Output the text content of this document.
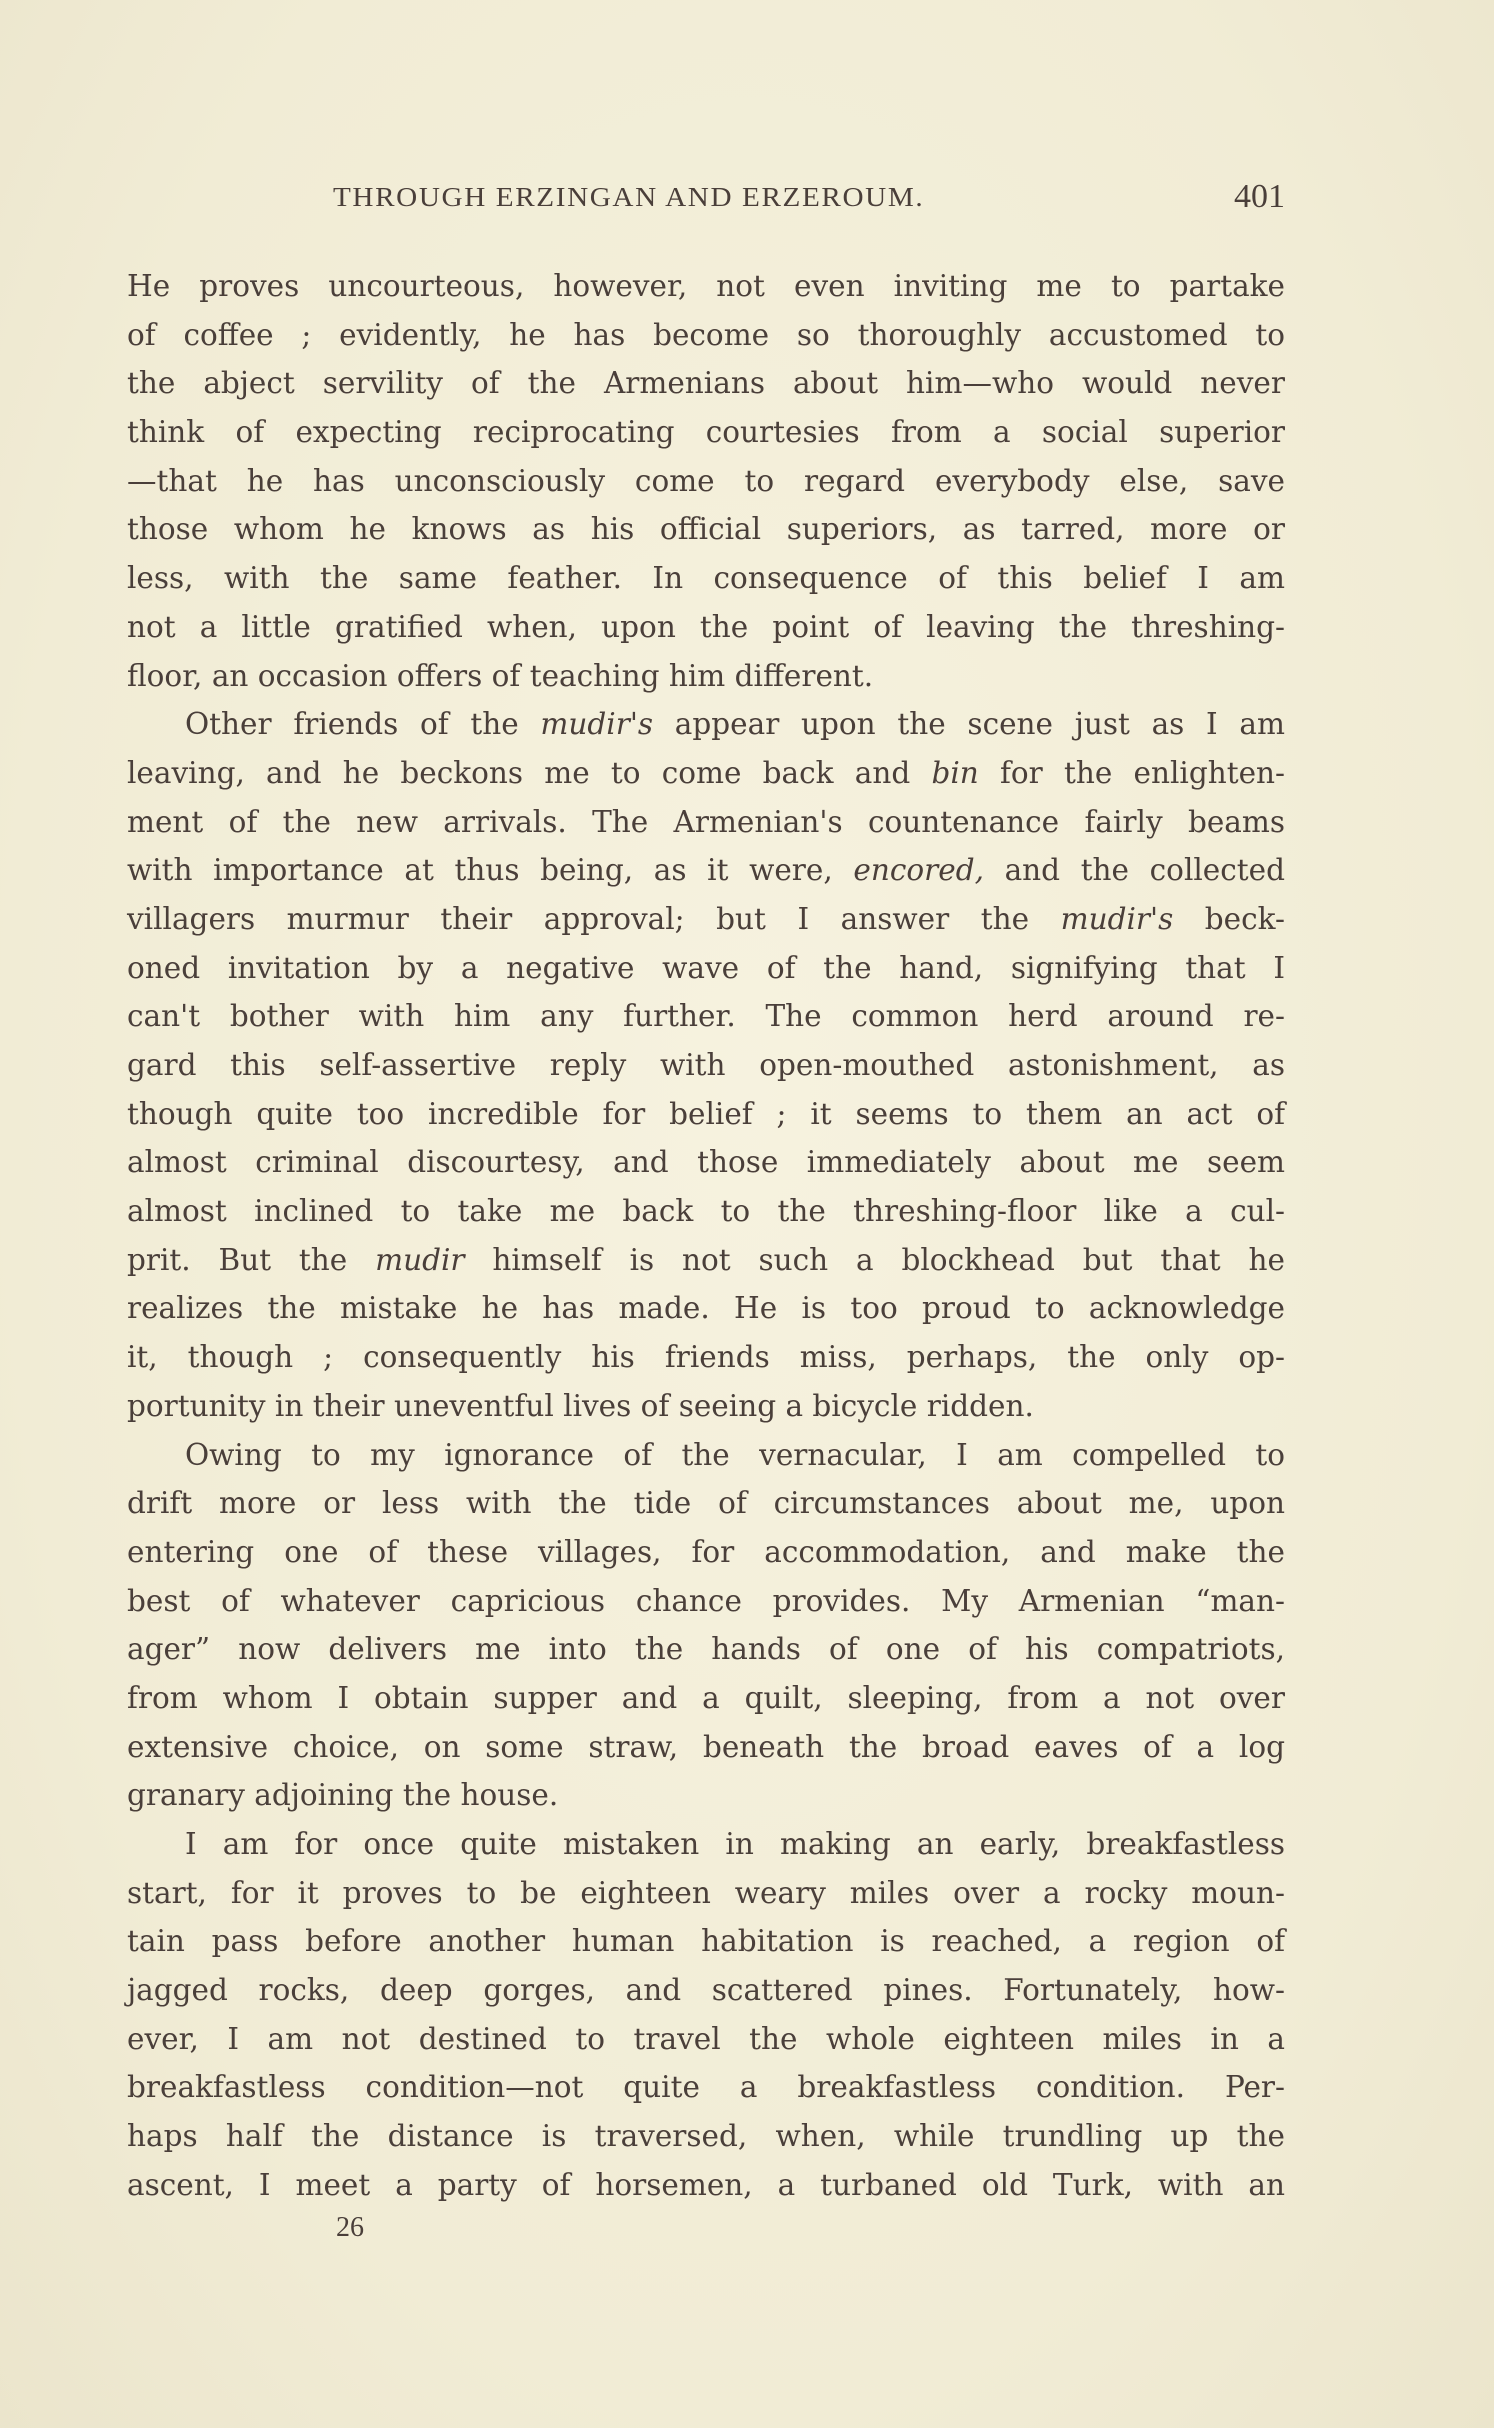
THROUGH ERZINGAN AND ERZEROUM.	401
He proves uncourteous, however, not even inviting me to partake
of coffee ; evidently, he has become so thoroughly accustomed to
the abject servility of the Armenians about him—who would never
think of expecting reciprocating courtesies from a social superior
—that he has unconsciously come to regard everybody else, save
those whom he knows as his official superiors, as tarred, more or
less, with the same feather. In consequence of this belief I am
not a little gratified when, upon the point of leaving the threshing-
floor, an occasion offers of teaching him different.
Other friends of the mudir's appear upon the scene just as I am
leaving, and he beckons me to come back and bin for the enlighten-
ment of the new arrivals. The Armenian's countenance fairly beams
with importance at thus being, as it were, encored, and the collected
villagers murmur their approval; but I answer the mudir's beck-
oned invitation by a negative wave of the hand, signifying that I
can't bother with him any further. The common herd around re-
gard this self-assertive reply with open-mouthed astonishment, as
though quite too incredible for belief ; it seems to them an act of
almost criminal discourtesy, and those immediately about me seem
almost inclined to take me back to the threshing-floor like a cul-
prit. But the mudir himself is not such a blockhead but that he
realizes the mistake he has made. He is too proud to acknowledge
it, though ; consequently his friends miss, perhaps, the only op-
portunity in their uneventful lives of seeing a bicycle ridden.
Owing to my ignorance of the vernacular, I am compelled to
drift more or less with the tide of circumstances about me, upon
entering one of these villages, for accommodation, and make the
best of whatever capricious chance provides. My Armenian “man-
ager” now delivers me into the hands of one of his compatriots,
from whom I obtain supper and a quilt, sleeping, from a not over
extensive choice, on some straw, beneath the broad eaves of a log
granary adjoining the house.
I am for once quite mistaken in making an early, breakfastless
start, for it proves to be eighteen weary miles over a rocky moun-
tain pass before another human habitation is reached, a region of
jagged rocks, deep gorges, and scattered pines. Fortunately, how-
ever, I am not destined to travel the whole eighteen miles in a
breakfastless condition—not quite a breakfastless condition. Per-
haps half the distance is traversed, when, while trundling up the
ascent, I meet a party of horsemen, a turbaned old Turk, with an
26
